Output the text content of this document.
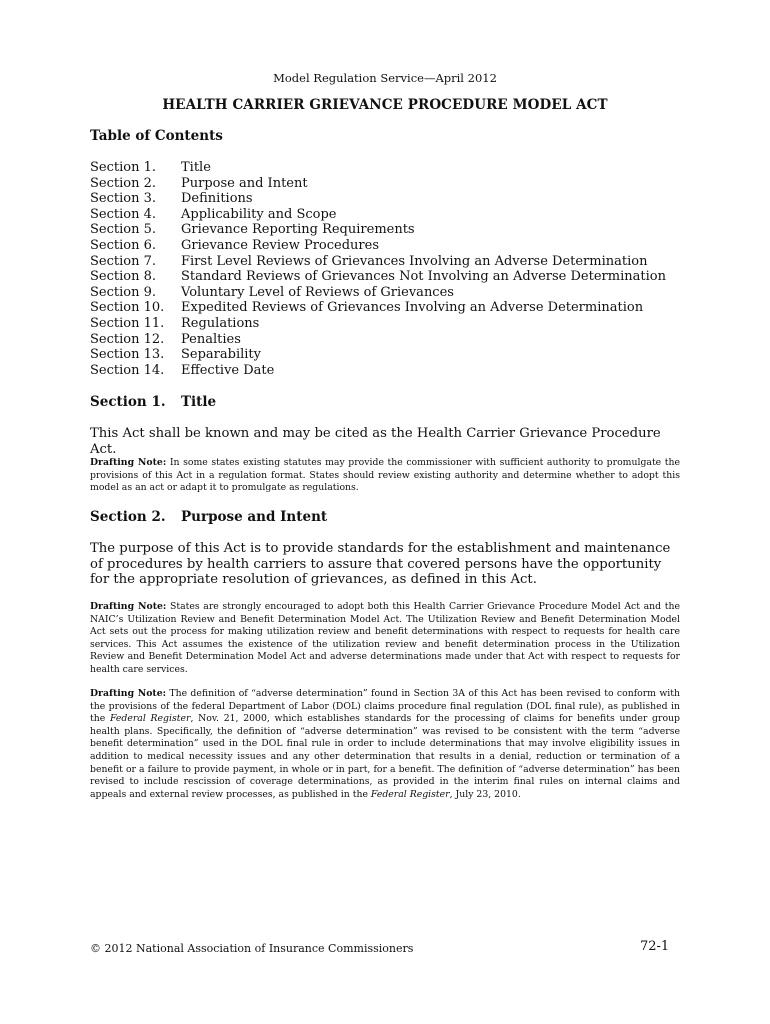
Model Regulation Service—April 2012
HEALTH CARRIER GRIEVANCE PROCEDURE MODEL ACT
Table of Contents
Section 1.	Title
Section 2.	Purpose and Intent
Section 3.	Definitions
Section 4.	Applicability and Scope
Section 5.	Grievance Reporting Requirements
Section 6.	Grievance Review Procedures
Section 7.	First Level Reviews of Grievances Involving an Adverse Determination
Section 8.	Standard Reviews of Grievances Not Involving an Adverse Determination
Section 9.	Voluntary Level of Reviews of Grievances
Section 10.	Expedited Reviews of Grievances Involving an Adverse Determination
Section 11.	Regulations
Section 12.	Penalties
Section 13.	Separability
Section 14.	Effective Date
Section 1.	Title
This Act shall be known and may be cited as the Health Carrier Grievance Procedure Act.
Drafting Note: In some states existing statutes may provide the commissioner with sufficient authority to promulgate the provisions of this Act in a regulation format. States should review existing authority and determine whether to adopt this model as an act or adapt it to promulgate as regulations.
Section 2.	Purpose and Intent
The purpose of this Act is to provide standards for the establishment and maintenance of procedures by health carriers to assure that covered persons have the opportunity for the appropriate resolution of grievances, as defined in this Act.
Drafting Note: States are strongly encouraged to adopt both this Health Carrier Grievance Procedure Model Act and the NAIC’s Utilization Review and Benefit Determination Model Act. The Utilization Review and Benefit Determination Model Act sets out the process for making utilization review and benefit determinations with respect to requests for health care services. This Act assumes the existence of the utilization review and benefit determination process in the Utilization Review and Benefit Determination Model Act and adverse determinations made under that Act with respect to requests for health care services.
Drafting Note: The definition of “adverse determination” found in Section 3A of this Act has been revised to conform with the provisions of the federal Department of Labor (DOL) claims procedure final regulation (DOL final rule), as published in the Federal Register, Nov. 21, 2000, which establishes standards for the processing of claims for benefits under group health plans. Specifically, the definition of “adverse determination” was revised to be consistent with the term “adverse benefit determination” used in the DOL final rule in order to include determinations that may involve eligibility issues in addition to medical necessity issues and any other determination that results in a denial, reduction or termination of a benefit or a failure to provide payment, in whole or in part, for a benefit. The definition of “adverse determination” has been revised to include rescission of coverage determinations, as provided in the interim final rules on internal claims and appeals and external review processes, as published in the Federal Register, July 23, 2010.
© 2012 National Association of Insurance Commissioners	72-1
